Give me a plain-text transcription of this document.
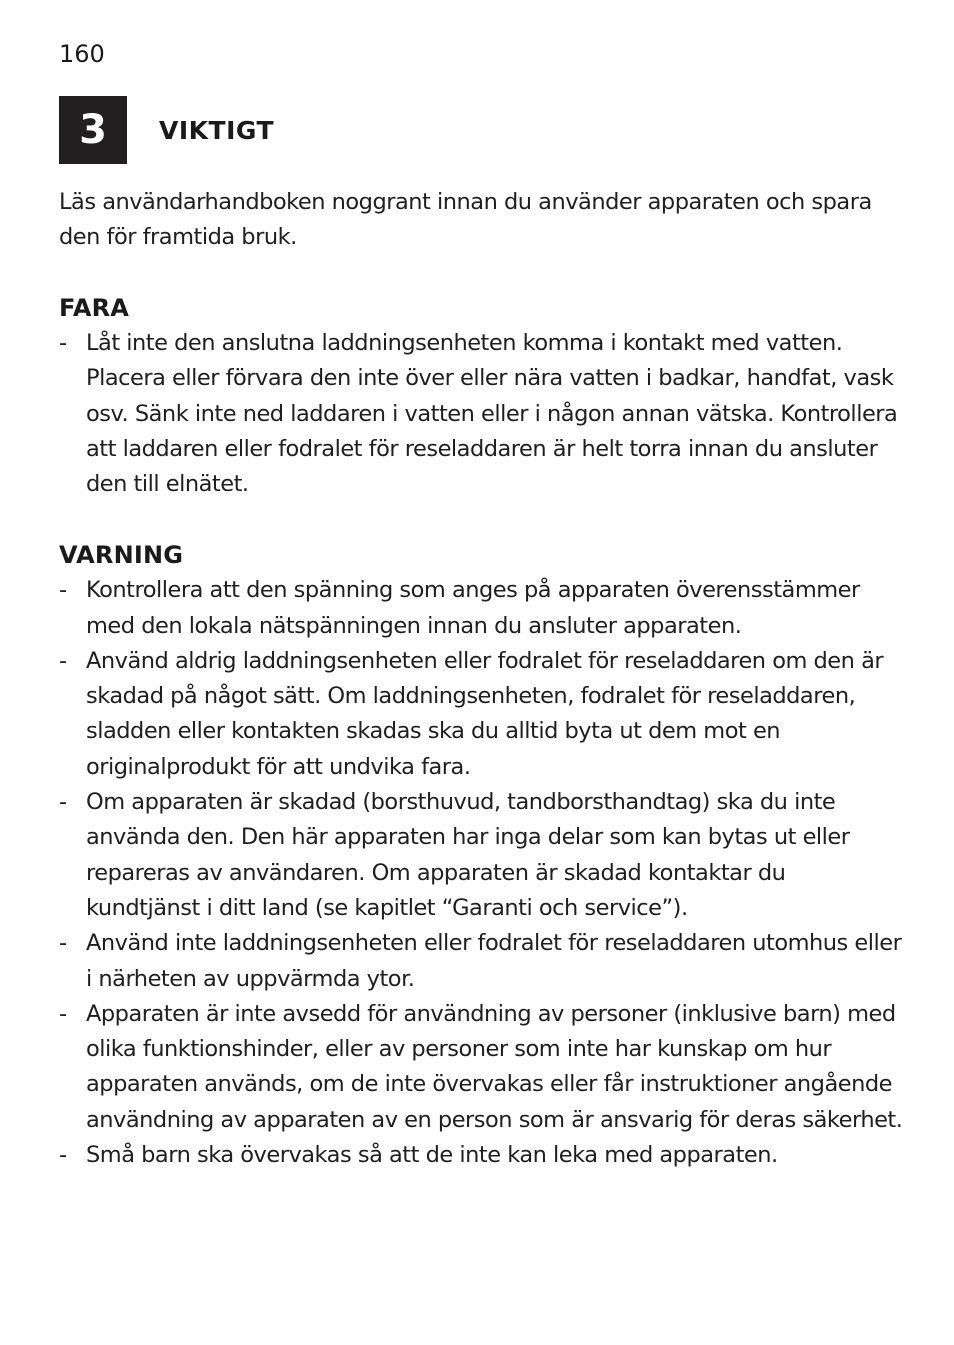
160
3	VIKTIGT

Läs användarhandboken noggrant innan du använder apparaten och spara den för framtida bruk.

FARA
- Låt inte den anslutna laddningsenheten komma i kontakt med vatten. Placera eller förvara den inte över eller nära vatten i badkar, handfat, vask osv. Sänk inte ned laddaren i vatten eller i någon annan vätska. Kontrollera att laddaren eller fodralet för reseladdaren är helt torra innan du ansluter den till elnätet.
VARNING
- Kontrollera att den spänning som anges på apparaten överensstämmer med den lokala nätspänningen innan du ansluter apparaten.
- Använd aldrig laddningsenheten eller fodralet för reseladdaren om den är skadad på något sätt. Om laddningsenheten, fodralet för reseladdaren, sladden eller kontakten skadas ska du alltid byta ut dem mot en originalprodukt för att undvika fara.
- Om apparaten är skadad (borsthuvud, tandborsthandtag) ska du inte använda den. Den här apparaten har inga delar som kan bytas ut eller repareras av användaren. Om apparaten är skadad kontaktar du kundtjänst i ditt land (se kapitlet “Garanti och service”).
- Använd inte laddningsenheten eller fodralet för reseladdaren utomhus eller i närheten av uppvärmda ytor.
- Apparaten är inte avsedd för användning av personer (inklusive barn) med olika funktionshinder, eller av personer som inte har kunskap om hur apparaten används, om de inte övervakas eller får instruktioner angående användning av apparaten av en person som är ansvarig för deras säkerhet.
- Små barn ska övervakas så att de inte kan leka med apparaten.
